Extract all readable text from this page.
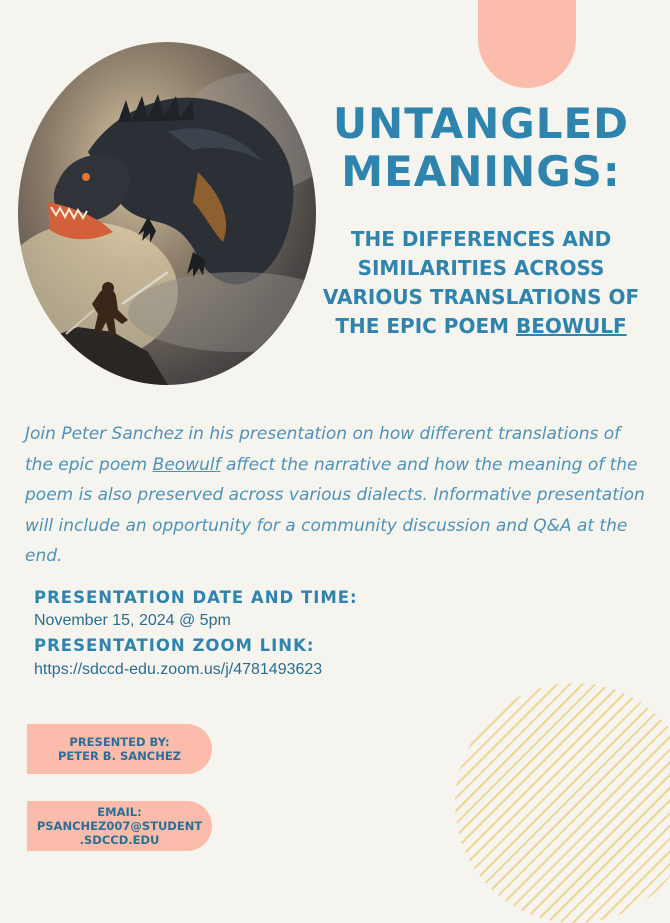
UNTANGLED
MEANINGS:
THE DIFFERENCES AND
SIMILARITIES ACROSS
VARIOUS TRANSLATIONS OF
THE EPIC POEM BEOWULF
Join Peter Sanchez in his presentation on how different translations of the epic poem Beowulf affect the narrative and how the meaning of the poem is also preserved across various dialects. Informative presentation will include an opportunity for a community discussion and Q&A at the end.
PRESENTATION DATE AND TIME:
November 15, 2024 @ 5pm
PRESENTATION ZOOM LINK:
https://sdccd-edu.zoom.us/j/4781493623
PRESENTED BY:
PETER B. SANCHEZ
EMAIL:
PSANCHEZ007@STUDENT
.SDCCD.EDU
